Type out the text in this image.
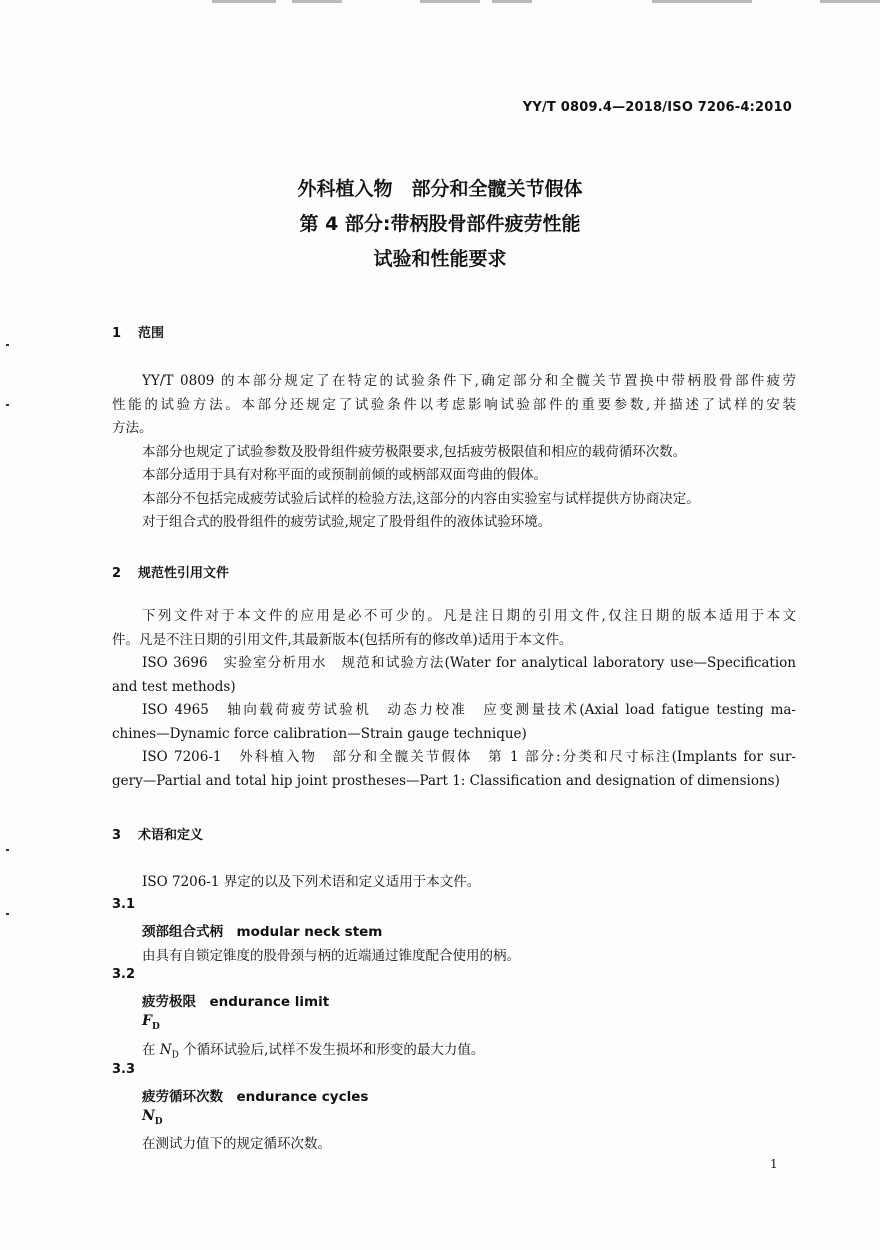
YY/T 0809.4—2018/ISO 7206-4:2010
外科植入物　部分和全髋关节假体
第 4 部分:带柄股骨部件疲劳性能
试验和性能要求
1 范围
YY/T 0809 的本部分规定了在特定的试验条件下,确定部分和全髋关节置换中带柄股骨部件疲劳
性能的试验方法。本部分还规定了试验条件以考虑影响试验部件的重要参数,并描述了试样的安装
方法。
本部分也规定了试验参数及股骨组件疲劳极限要求,包括疲劳极限值和相应的载荷循环次数。
本部分适用于具有对称平面的或预制前倾的或柄部双面弯曲的假体。
本部分不包括完成疲劳试验后试样的检验方法,这部分的内容由实验室与试样提供方协商决定。
对于组合式的股骨组件的疲劳试验,规定了股骨组件的液体试验环境。
2 规范性引用文件
下列文件对于本文件的应用是必不可少的。凡是注日期的引用文件,仅注日期的版本适用于本文
件。凡是不注日期的引用文件,其最新版本(包括所有的修改单)适用于本文件。
ISO 3696　实验室分析用水　规范和试验方法(Water for analytical laboratory use—Specification
and test methods)
ISO 4965　轴向载荷疲劳试验机　动态力校准　应变测量技术(Axial load fatigue testing ma-
chines—Dynamic force calibration—Strain gauge technique)
ISO 7206-1　外科植入物　部分和全髋关节假体　第 1 部分:分类和尺寸标注(Implants for sur-
gery—Partial and total hip joint prostheses—Part 1: Classification and designation of dimensions)
3 术语和定义
ISO 7206-1 界定的以及下列术语和定义适用于本文件。
3.1
颈部组合式柄　modular neck stem
由具有自锁定锥度的股骨颈与柄的近端通过锥度配合使用的柄。
3.2
疲劳极限　endurance limit
$F_D$
在 $N_D$ 个循环试验后,试样不发生损坏和形变的最大力值。
3.3
疲劳循环次数　endurance cycles
$N_D$
在测试力值下的规定循环次数。
1
